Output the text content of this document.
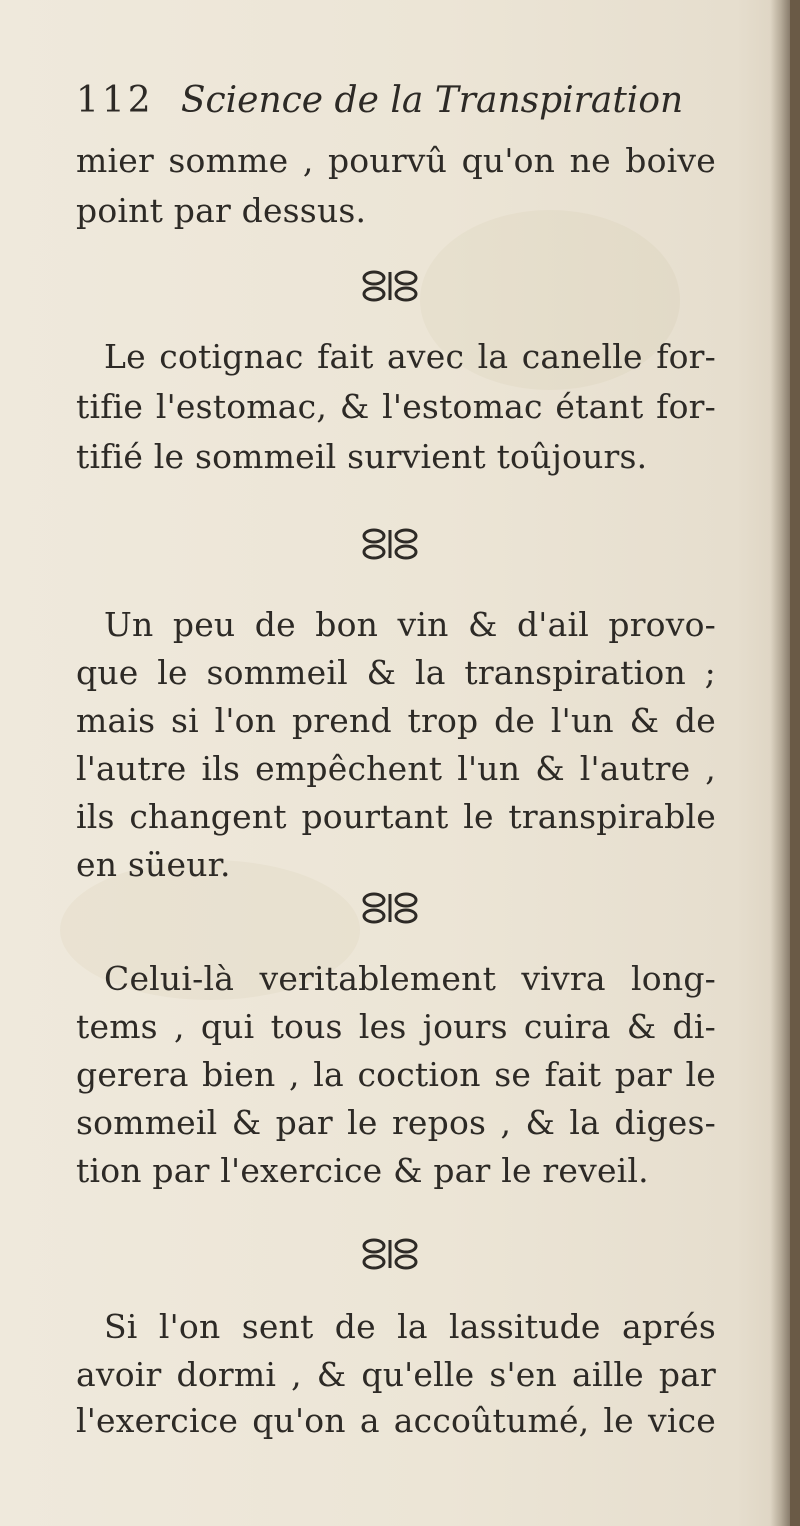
112 Science de la Transpiration
mier somme , pourvû qu'on ne boive
point par dessus.
Le cotignac fait avec la canelle for-
tifie l'estomac, & l'estomac étant for-
tifié le sommeil survient toûjours.
Un peu de bon vin & d'ail provo-
que le sommeil & la transpiration ;
mais si l'on prend trop de l'un & de
l'autre ils empêchent l'un & l'autre ,
ils changent pourtant le transpirable
en süeur.
Celui-là veritablement vivra long-
tems , qui tous les jours cuira & di-
gerera bien , la coction se fait par le
sommeil & par le repos , & la diges-
tion par l'exercice & par le reveil.
Si l'on sent de la lassitude aprés
avoir dormi , & qu'elle s'en aille par
l'exercice qu'on a accoûtumé, le vice
